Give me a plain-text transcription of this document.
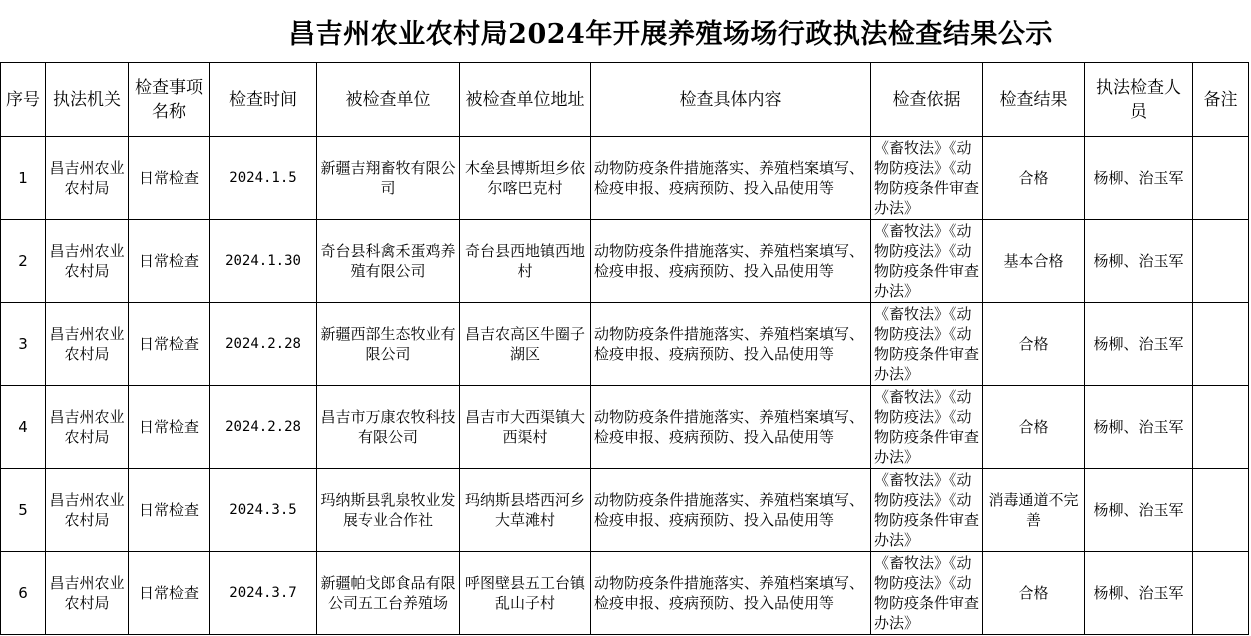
昌吉州农业农村局2024年开展养殖场场行政执法检查结果公示
序号	执法机关	检查事项名称	检查时间	被检查单位	被检查单位地址	检查具体内容	检查依据	检查结果	执法检查人员	备注
1	昌吉州农业农村局	日常检查	2024.1.5	新疆吉翔畜牧有限公司	木垒县博斯坦乡依尔喀巴克村	动物防疫条件措施落实、养殖档案填写、检疫申报、疫病预防、投入品使用等	《畜牧法》《动物防疫法》《动物防疫条件审查办法》	合格	杨柳、治玉军	
2	昌吉州农业农村局	日常检查	2024.1.30	奇台县科禽禾蛋鸡养殖有限公司	奇台县西地镇西地村	动物防疫条件措施落实、养殖档案填写、检疫申报、疫病预防、投入品使用等	《畜牧法》《动物防疫法》《动物防疫条件审查办法》	基本合格	杨柳、治玉军	
3	昌吉州农业农村局	日常检查	2024.2.28	新疆西部生态牧业有限公司	昌吉农高区牛圈子湖区	动物防疫条件措施落实、养殖档案填写、检疫申报、疫病预防、投入品使用等	《畜牧法》《动物防疫法》《动物防疫条件审查办法》	合格	杨柳、治玉军	
4	昌吉州农业农村局	日常检查	2024.2.28	昌吉市万康农牧科技有限公司	昌吉市大西渠镇大西渠村	动物防疫条件措施落实、养殖档案填写、检疫申报、疫病预防、投入品使用等	《畜牧法》《动物防疫法》《动物防疫条件审查办法》	合格	杨柳、治玉军	
5	昌吉州农业农村局	日常检查	2024.3.5	玛纳斯县乳泉牧业发展专业合作社	玛纳斯县塔西河乡大草滩村	动物防疫条件措施落实、养殖档案填写、检疫申报、疫病预防、投入品使用等	《畜牧法》《动物防疫法》《动物防疫条件审查办法》	消毒通道不完善	杨柳、治玉军	
6	昌吉州农业农村局	日常检查	2024.3.7	新疆帕戈郎食品有限公司五工台养殖场	呼图壁县五工台镇乱山子村	动物防疫条件措施落实、养殖档案填写、检疫申报、疫病预防、投入品使用等	《畜牧法》《动物防疫法》《动物防疫条件审查办法》	合格	杨柳、治玉军	
